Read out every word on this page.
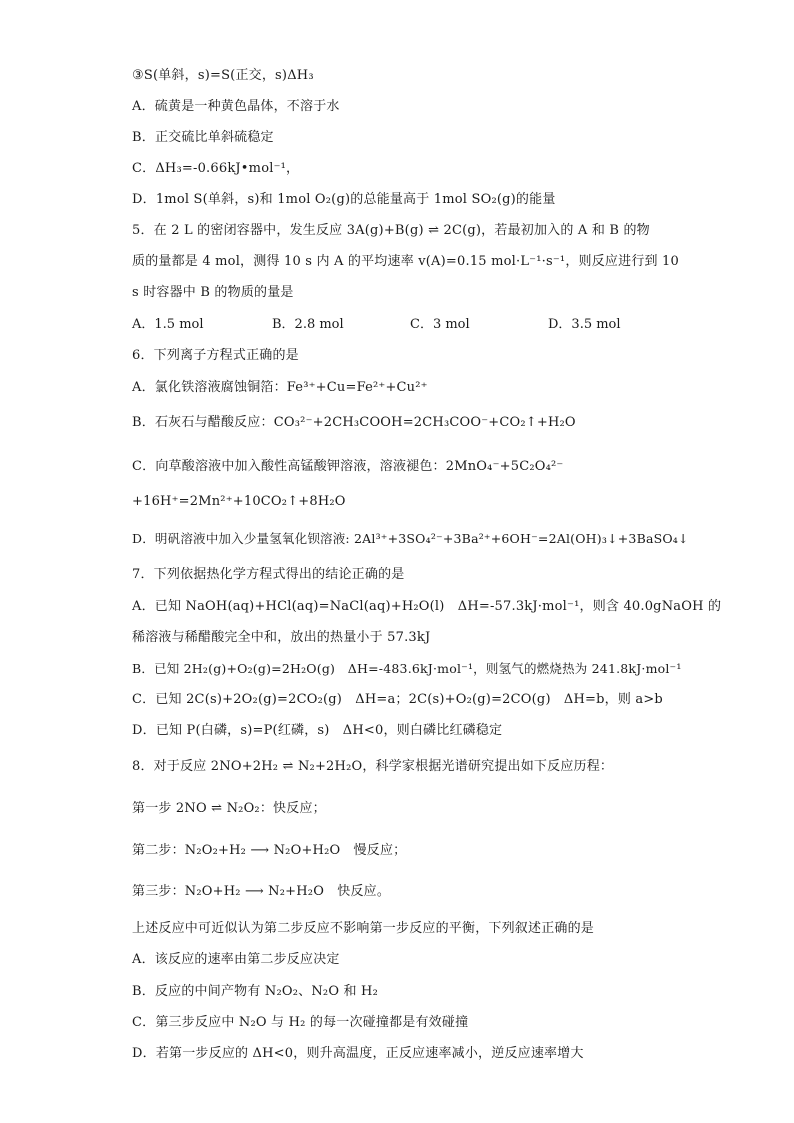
③S(单斜，s)=S(正交，s)ΔH₃
A．硫黄是一种黄色晶体，不溶于水
B．正交硫比单斜硫稳定
C．ΔH₃=-0.66kJ•mol⁻¹，
D．1mol S(单斜，s)和 1mol O₂(g)的总能量高于 1mol SO₂(g)的能量
5．在 2 L 的密闭容器中，发生反应 3A(g)+B(g) ⇌ 2C(g)，若最初加入的 A 和 B 的物
质的量都是 4 mol，测得 10 s 内 A 的平均速率 v(A)=0.15 mol·L⁻¹·s⁻¹，则反应进行到 10
s 时容器中 B 的物质的量是
A．1.5 mol	B．2.8 mol	C．3 mol	D．3.5 mol
6．下列离子方程式正确的是
A．氯化铁溶液腐蚀铜箔：Fe³⁺+Cu=Fe²⁺+Cu²⁺
B．石灰石与醋酸反应：CO₃²⁻+2CH₃COOH=2CH₃COO⁻+CO₂↑+H₂O
C．向草酸溶液中加入酸性高锰酸钾溶液，溶液褪色：2MnO₄⁻+5C₂O₄²⁻
+16H⁺=2Mn²⁺+10CO₂↑+8H₂O
D．明矾溶液中加入少量氢氧化钡溶液: 2Al³⁺+3SO₄²⁻+3Ba²⁺+6OH⁻=2Al(OH)₃↓+3BaSO₄↓
7．下列依据热化学方程式得出的结论正确的是
A．已知 NaOH(aq)+HCl(aq)=NaCl(aq)+H₂O(l)　ΔH=-57.3kJ·mol⁻¹，则含 40.0gNaOH 的
稀溶液与稀醋酸完全中和，放出的热量小于 57.3kJ
B．已知 2H₂(g)+O₂(g)=2H₂O(g)　ΔH=-483.6kJ·mol⁻¹，则氢气的燃烧热为 241.8kJ·mol⁻¹
C．已知 2C(s)+2O₂(g)=2CO₂(g)　ΔH=a；2C(s)+O₂(g)=2CO(g)　ΔH=b，则 a>b
D．已知 P(白磷，s)=P(红磷，s)　ΔH<0，则白磷比红磷稳定
8．对于反应 2NO+2H₂ ⇌ N₂+2H₂O，科学家根据光谱研究提出如下反应历程：
第一步 2NO ⇌ N₂O₂：快反应；
第二步：N₂O₂+H₂ ⟶ N₂O+H₂O　慢反应；
第三步：N₂O+H₂ ⟶ N₂+H₂O　快反应。
上述反应中可近似认为第二步反应不影响第一步反应的平衡，下列叙述正确的是
A．该反应的速率由第二步反应决定
B．反应的中间产物有 N₂O₂、N₂O 和 H₂
C．第三步反应中 N₂O 与 H₂ 的每一次碰撞都是有效碰撞
D．若第一步反应的 ΔH<0，则升高温度，正反应速率减小，逆反应速率增大
